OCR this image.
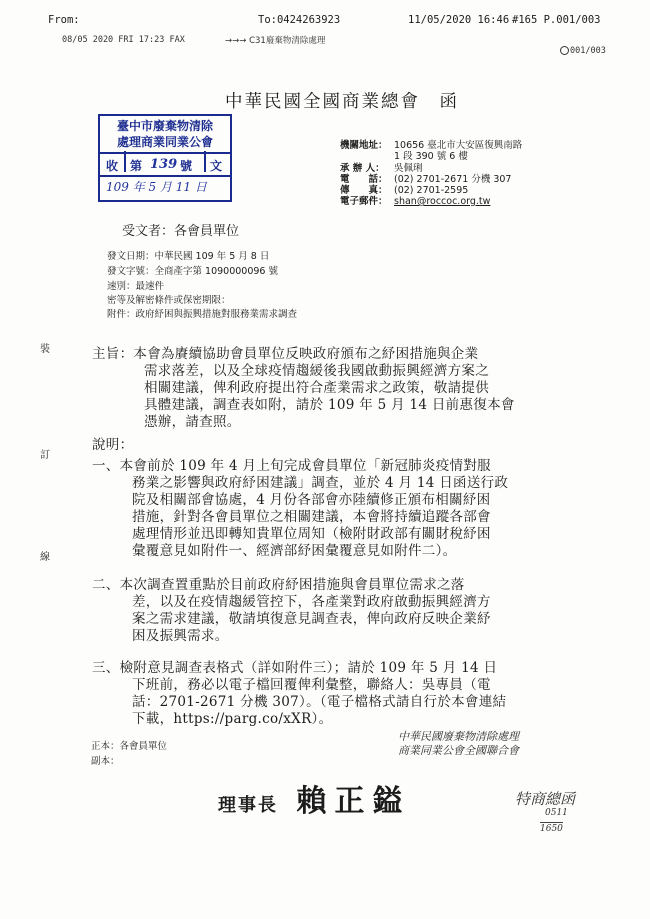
From:	To:0424263923	11/05/2020 16:46 #165 P.001/003
08/05 2020 FRI 17:23 FAX	→→→ C31廢棄物清除處理
001/003
中華民國全國商業總會　函
臺中市廢棄物清除
處理商業同業公會
收 第 139 號 文
109 年 5 月 11 日
機關地址： 10656 臺北市大安區復興南路
1 段 390 號 6 樓
承 辦 人： 吳佩琍
電　　話： (02) 2701-2671 分機 307
傳　　真： (02) 2701-2595
電子郵件： shan@roccoc.org.tw
受文者：各會員單位
發文日期：中華民國 109 年 5 月 8 日
發文字號：全商產字第 1090000096 號
速別：最速件
密等及解密條件或保密期限：
附件：政府紓困與振興措施對服務業需求調查
裝
訂
線
主旨：本會為賡續協助會員單位反映政府頒布之紓困措施與企業
需求落差，以及全球疫情趨緩後我國啟動振興經濟方案之
相關建議，俾利政府提出符合產業需求之政策，敬請提供
具體建議，調查表如附，請於 109 年 5 月 14 日前惠復本會
憑辦，請查照。
說明：
一、本會前於 109 年 4 月上旬完成會員單位「新冠肺炎疫情對服
務業之影響與政府紓困建議」調查，並於 4 月 14 日函送行政
院及相關部會協處，4 月份各部會亦陸續修正頒布相關紓困
措施，針對各會員單位之相關建議，本會將持續追蹤各部會
處理情形並迅即轉知貴單位周知（檢附財政部有關財稅紓困
彙覆意見如附件一、經濟部紓困彙覆意見如附件二）。
二、本次調查置重點於目前政府紓困措施與會員單位需求之落
差，以及在疫情趨緩管控下，各產業對政府啟動振興經濟方
案之需求建議，敬請填復意見調查表，俾向政府反映企業紓
困及振興需求。
三、檢附意見調查表格式（詳如附件三）；請於 109 年 5 月 14 日
下班前，務必以電子檔回覆俾利彙整，聯絡人：吳專員（電
話：2701-2671 分機 307）。（電子檔格式請自行於本會連結
下載，https://parg.co/xXR）。
正本：各會員單位
副本：
中華民國廢棄物清除處理
商業同業公會全國聯合會
理事長 賴正鎰	特商總函
0511
1650
